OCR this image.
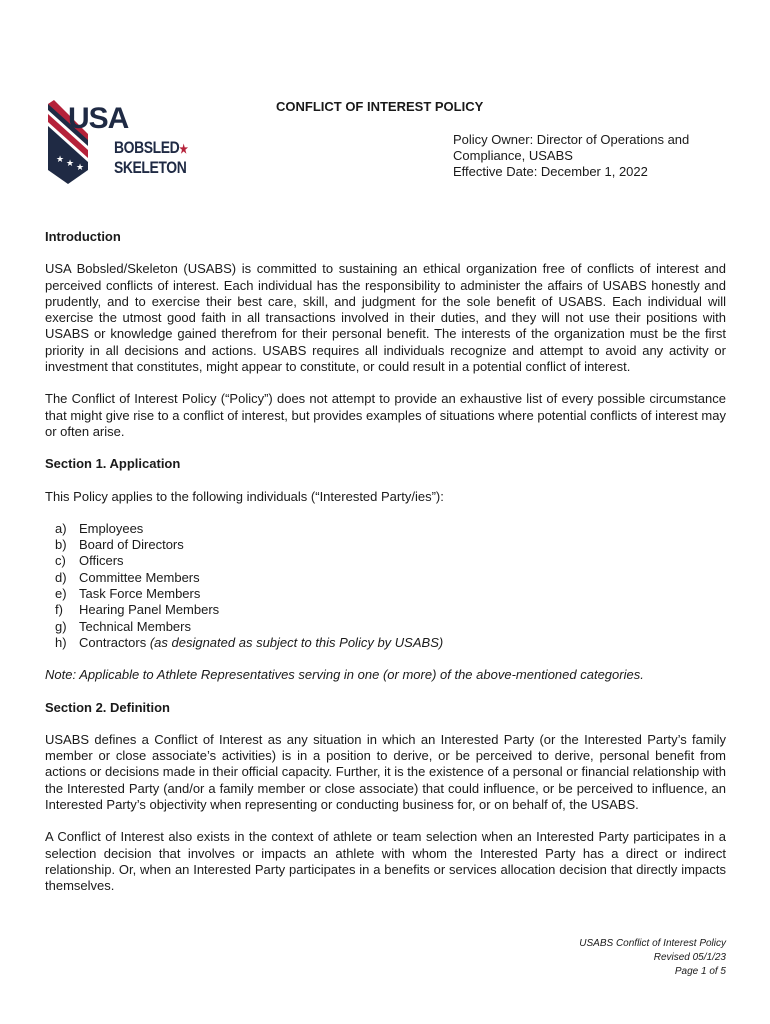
★ ★ ★
USA
BOBSLED★
SKELETON
CONFLICT OF INTEREST POLICY
Policy Owner: Director of Operations and
Compliance, USABS
Effective Date: December 1, 2022

Introduction

USA Bobsled/Skeleton (USABS) is committed to sustaining an ethical organization free of conflicts of interest and perceived conflicts of interest. Each individual has the responsibility to administer the affairs of USABS honestly and prudently, and to exercise their best care, skill, and judgment for the sole benefit of USABS. Each individual will exercise the utmost good faith in all transactions involved in their duties, and they will not use their positions with USABS or knowledge gained therefrom for their personal benefit. The interests of the organization must be the first priority in all decisions and actions. USABS requires all individuals recognize and attempt to avoid any activity or investment that constitutes, might appear to constitute, or could result in a potential conflict of interest.

The Conflict of Interest Policy (“Policy”) does not attempt to provide an exhaustive list of every possible circumstance that might give rise to a conflict of interest, but provides examples of situations where potential conflicts of interest may or often arise.

Section 1. Application

This Policy applies to the following individuals (“Interested Party/ies”):

a) Employees
b) Board of Directors
c)	Officers
d) Committee Members
e) Task Force Members
f)	Hearing Panel Members
g) Technical Members
h) Contractors
(as designated as subject to this Policy by USABS)

Note: Applicable to Athlete Representatives serving in one (or more) of the above-mentioned categories.

Section 2. Definition

USABS defines a Conflict of Interest as any situation in which an Interested Party (or the Interested Party’s family member or close associate’s activities) is in a position to derive, or be perceived to derive, personal benefit from actions or decisions made in their official capacity. Further, it is the existence of a personal or financial relationship with the Interested Party (and/or a family member or close associate) that could influence, or be perceived to influence, an Interested Party’s objectivity when representing or conducting business for, or on behalf of, the USABS.

A Conflict of Interest also exists in the context of athlete or team selection when an Interested Party participates in a selection decision that involves or impacts an athlete with whom the Interested Party has a direct or indirect relationship. Or, when an Interested Party participates in a benefits or services allocation decision that directly impacts themselves.

USABS Conflict of Interest Policy
Revised 05/1/23
Page 1 of 5
